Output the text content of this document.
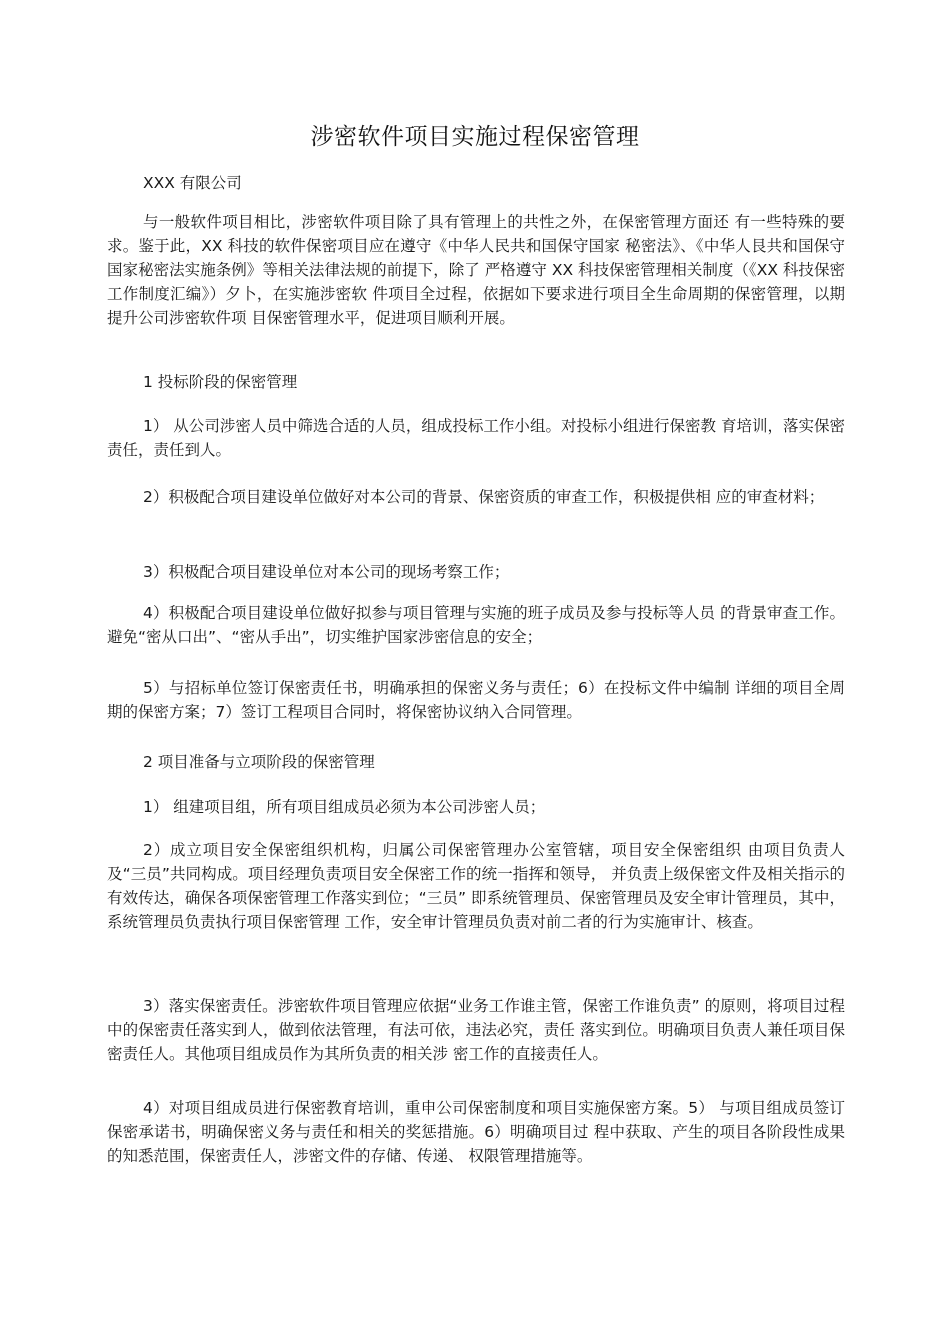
涉密软件项目实施过程保密管理
XXX 有限公司
与一般软件项目相比，涉密软件项目除了具有管理上的共性之外，在保密管理方面还 有一些特殊的要求。鉴于此，XX 科技的软件保密项目应在遵守《中华人民共和国保守国家 秘密法》、《中华人艮共和国保守国家秘密法实施条例》等相关法律法规的前提下，除了 严格遵守 XX 科技保密管理相关制度（《XX 科技保密工作制度汇编》）夕卜，在实施涉密软 件项目全过程，依据如下要求进行项目全生命周期的保密管理，以期提升公司涉密软件项 目保密管理水平，促进项目顺利开展。
1 投标阶段的保密管理
1） 从公司涉密人员中筛选合适的人员，组成投标工作小组。对投标小组进行保密教 育培训，落实保密责任，责任到人。
2）积极配合项目建设单位做好对本公司的背景、保密资质的审查工作，积极提供相 应的审查材料；
3）积极配合项目建设单位对本公司的现场考察工作；
4）积极配合项目建设单位做好拟参与项目管理与实施的班子成员及参与投标等人员 的背景审查工作。避免“密从口出”、“密从手出”，切实维护国家涉密信息的安全；
5）与招标单位签订保密责任书，明确承担的保密义务与责任；6）在投标文件中编制 详细的项目全周期的保密方案；7）签订工程项目合同时，将保密协议纳入合同管理。
2 项目准备与立项阶段的保密管理
1） 组建项目组，所有项目组成员必须为本公司涉密人员；
2）成立项目安全保密组织机构，归属公司保密管理办公室管辖，项目安全保密组织 由项目负责人及“三员”共同构成。项目经理负责项目安全保密工作的统一指挥和领导， 并负责上级保密文件及相关指示的有效传达，确保各项保密管理工作落实到位；“三员” 即系统管理员、保密管理员及安全审计管理员，其中，系统管理员负责执行项目保密管理 工作，安全审计管理员负责对前二者的行为实施审计、核查。
3）落实保密责任。涉密软件项目管理应依据“业务工作谁主管，保密工作谁负责” 的原则，将项目过程中的保密责任落实到人，做到依法管理，有法可依，违法必究，责任 落实到位。明确项目负责人兼任项目保密责任人。其他项目组成员作为其所负责的相关涉 密工作的直接责任人。
4）对项目组成员进行保密教育培训，重申公司保密制度和项目实施保密方案。5） 与项目组成员签订保密承诺书，明确保密义务与责任和相关的奖惩措施。6）明确项目过 程中获取、产生的项目各阶段性成果的知悉范围，保密责任人，涉密文件的存储、传递、 权限管理措施等。
